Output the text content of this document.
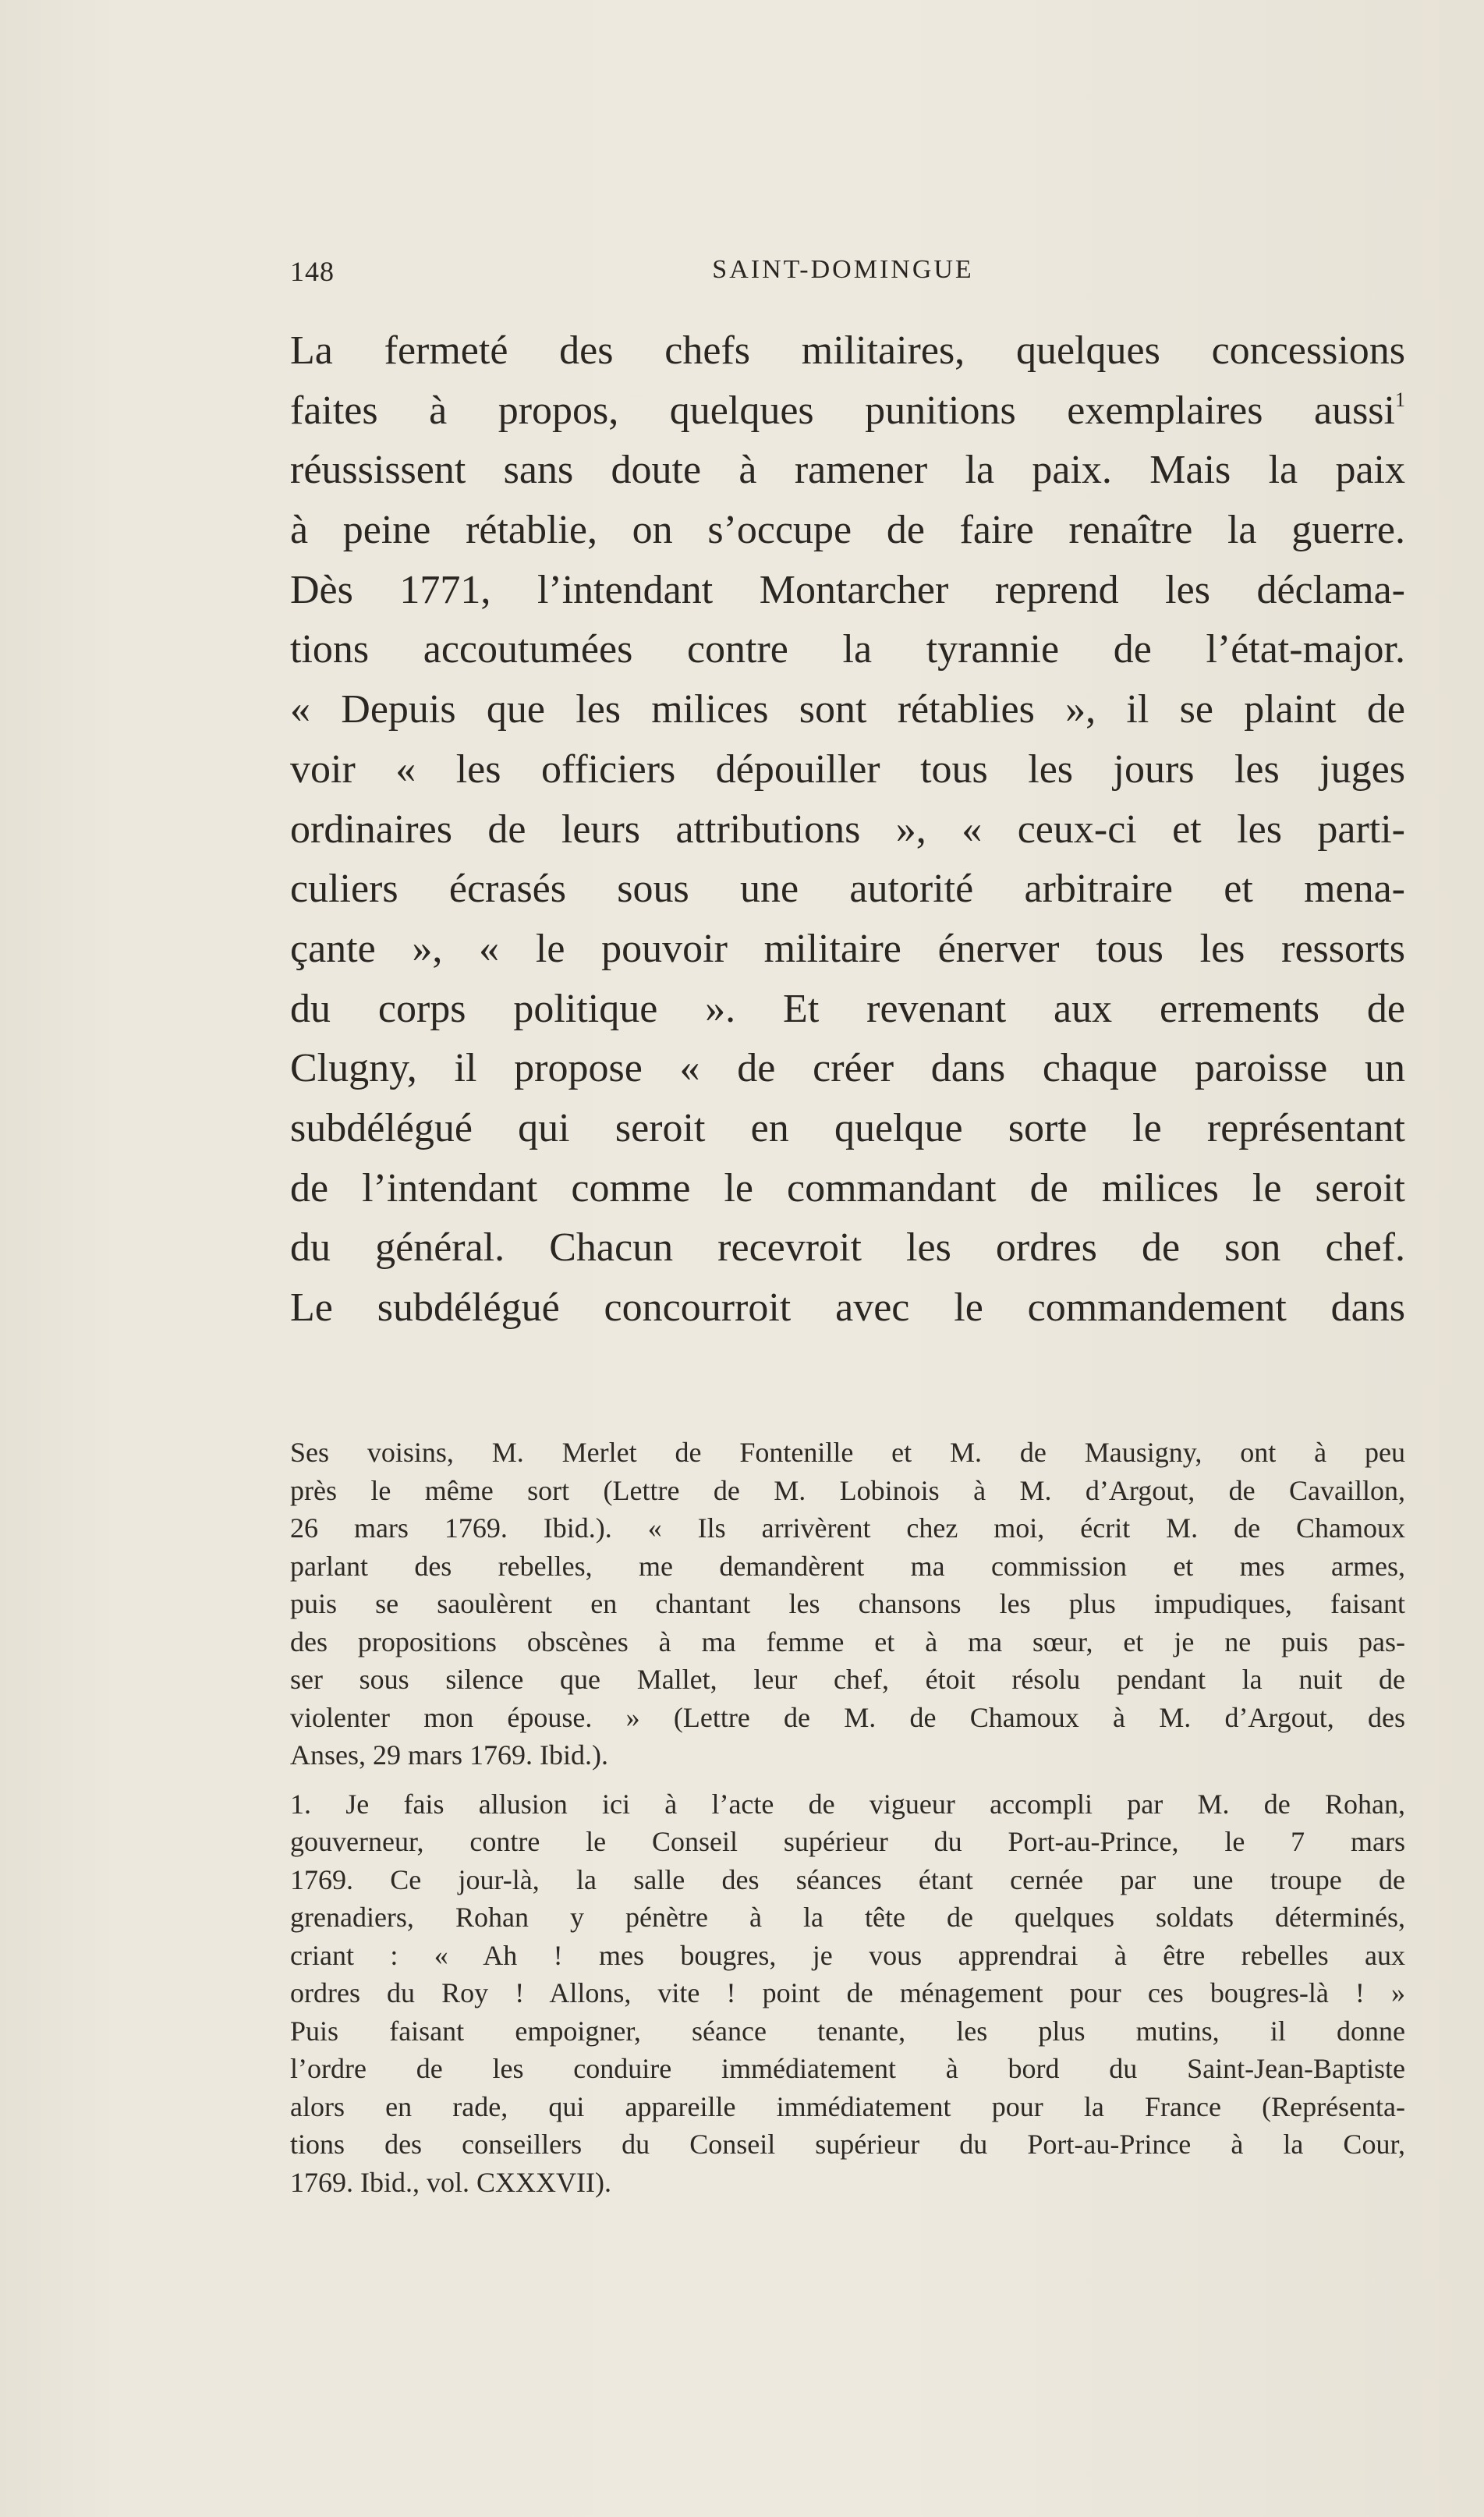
148	SAINT-DOMINGUE
La fermeté des chefs militaires, quelques concessions
faites à propos, quelques punitions exemplaires aussi$^1$
réussissent sans doute à ramener la paix. Mais la paix
à peine rétablie, on s’occupe de faire renaître la guerre.
Dès 1771, l’intendant Montarcher reprend les déclama-
tions accoutumées contre la tyrannie de l’état-major.
« Depuis que les milices sont rétablies », il se plaint de
voir « les officiers dépouiller tous les jours les juges
ordinaires de leurs attributions », « ceux-ci et les parti-
culiers écrasés sous une autorité arbitraire et mena-
çante », « le pouvoir militaire énerver tous les ressorts
du corps politique ». Et revenant aux errements de
Clugny, il propose « de créer dans chaque paroisse un
subdélégué qui seroit en quelque sorte le représentant
de l’intendant comme le commandant de milices le seroit
du général. Chacun recevroit les ordres de son chef.
Le subdélégué concourroit avec le commandement dans
Ses voisins, M. Merlet de Fontenille et M. de Mausigny, ont à peu
près le même sort (Lettre de M. Lobinois à M. d’Argout, de Cavaillon,
26 mars 1769. Ibid.). « Ils arrivèrent chez moi, écrit M. de Chamoux
parlant des rebelles, me demandèrent ma commission et mes armes,
puis se saoulèrent en chantant les chansons les plus impudiques, faisant
des propositions obscènes à ma femme et à ma sœur, et je ne puis pas-
ser sous silence que Mallet, leur chef, étoit résolu pendant la nuit de
violenter mon épouse. » (Lettre de M. de Chamoux à M. d’Argout, des
Anses, 29 mars 1769. Ibid.).
1. Je fais allusion ici à l’acte de vigueur accompli par M. de Rohan,
gouverneur, contre le Conseil supérieur du Port-au-Prince, le 7 mars
1769. Ce jour-là, la salle des séances étant cernée par une troupe de
grenadiers, Rohan y pénètre à la tête de quelques soldats déterminés,
criant : « Ah ! mes bougres, je vous apprendrai à être rebelles aux
ordres du Roy ! Allons, vite ! point de ménagement pour ces bougres-là ! »
Puis faisant empoigner, séance tenante, les plus mutins, il donne
l’ordre de les conduire immédiatement à bord du Saint-Jean-Baptiste
alors en rade, qui appareille immédiatement pour la France (Représenta-
tions des conseillers du Conseil supérieur du Port-au-Prince à la Cour,
1769. Ibid., vol. CXXXVII).
